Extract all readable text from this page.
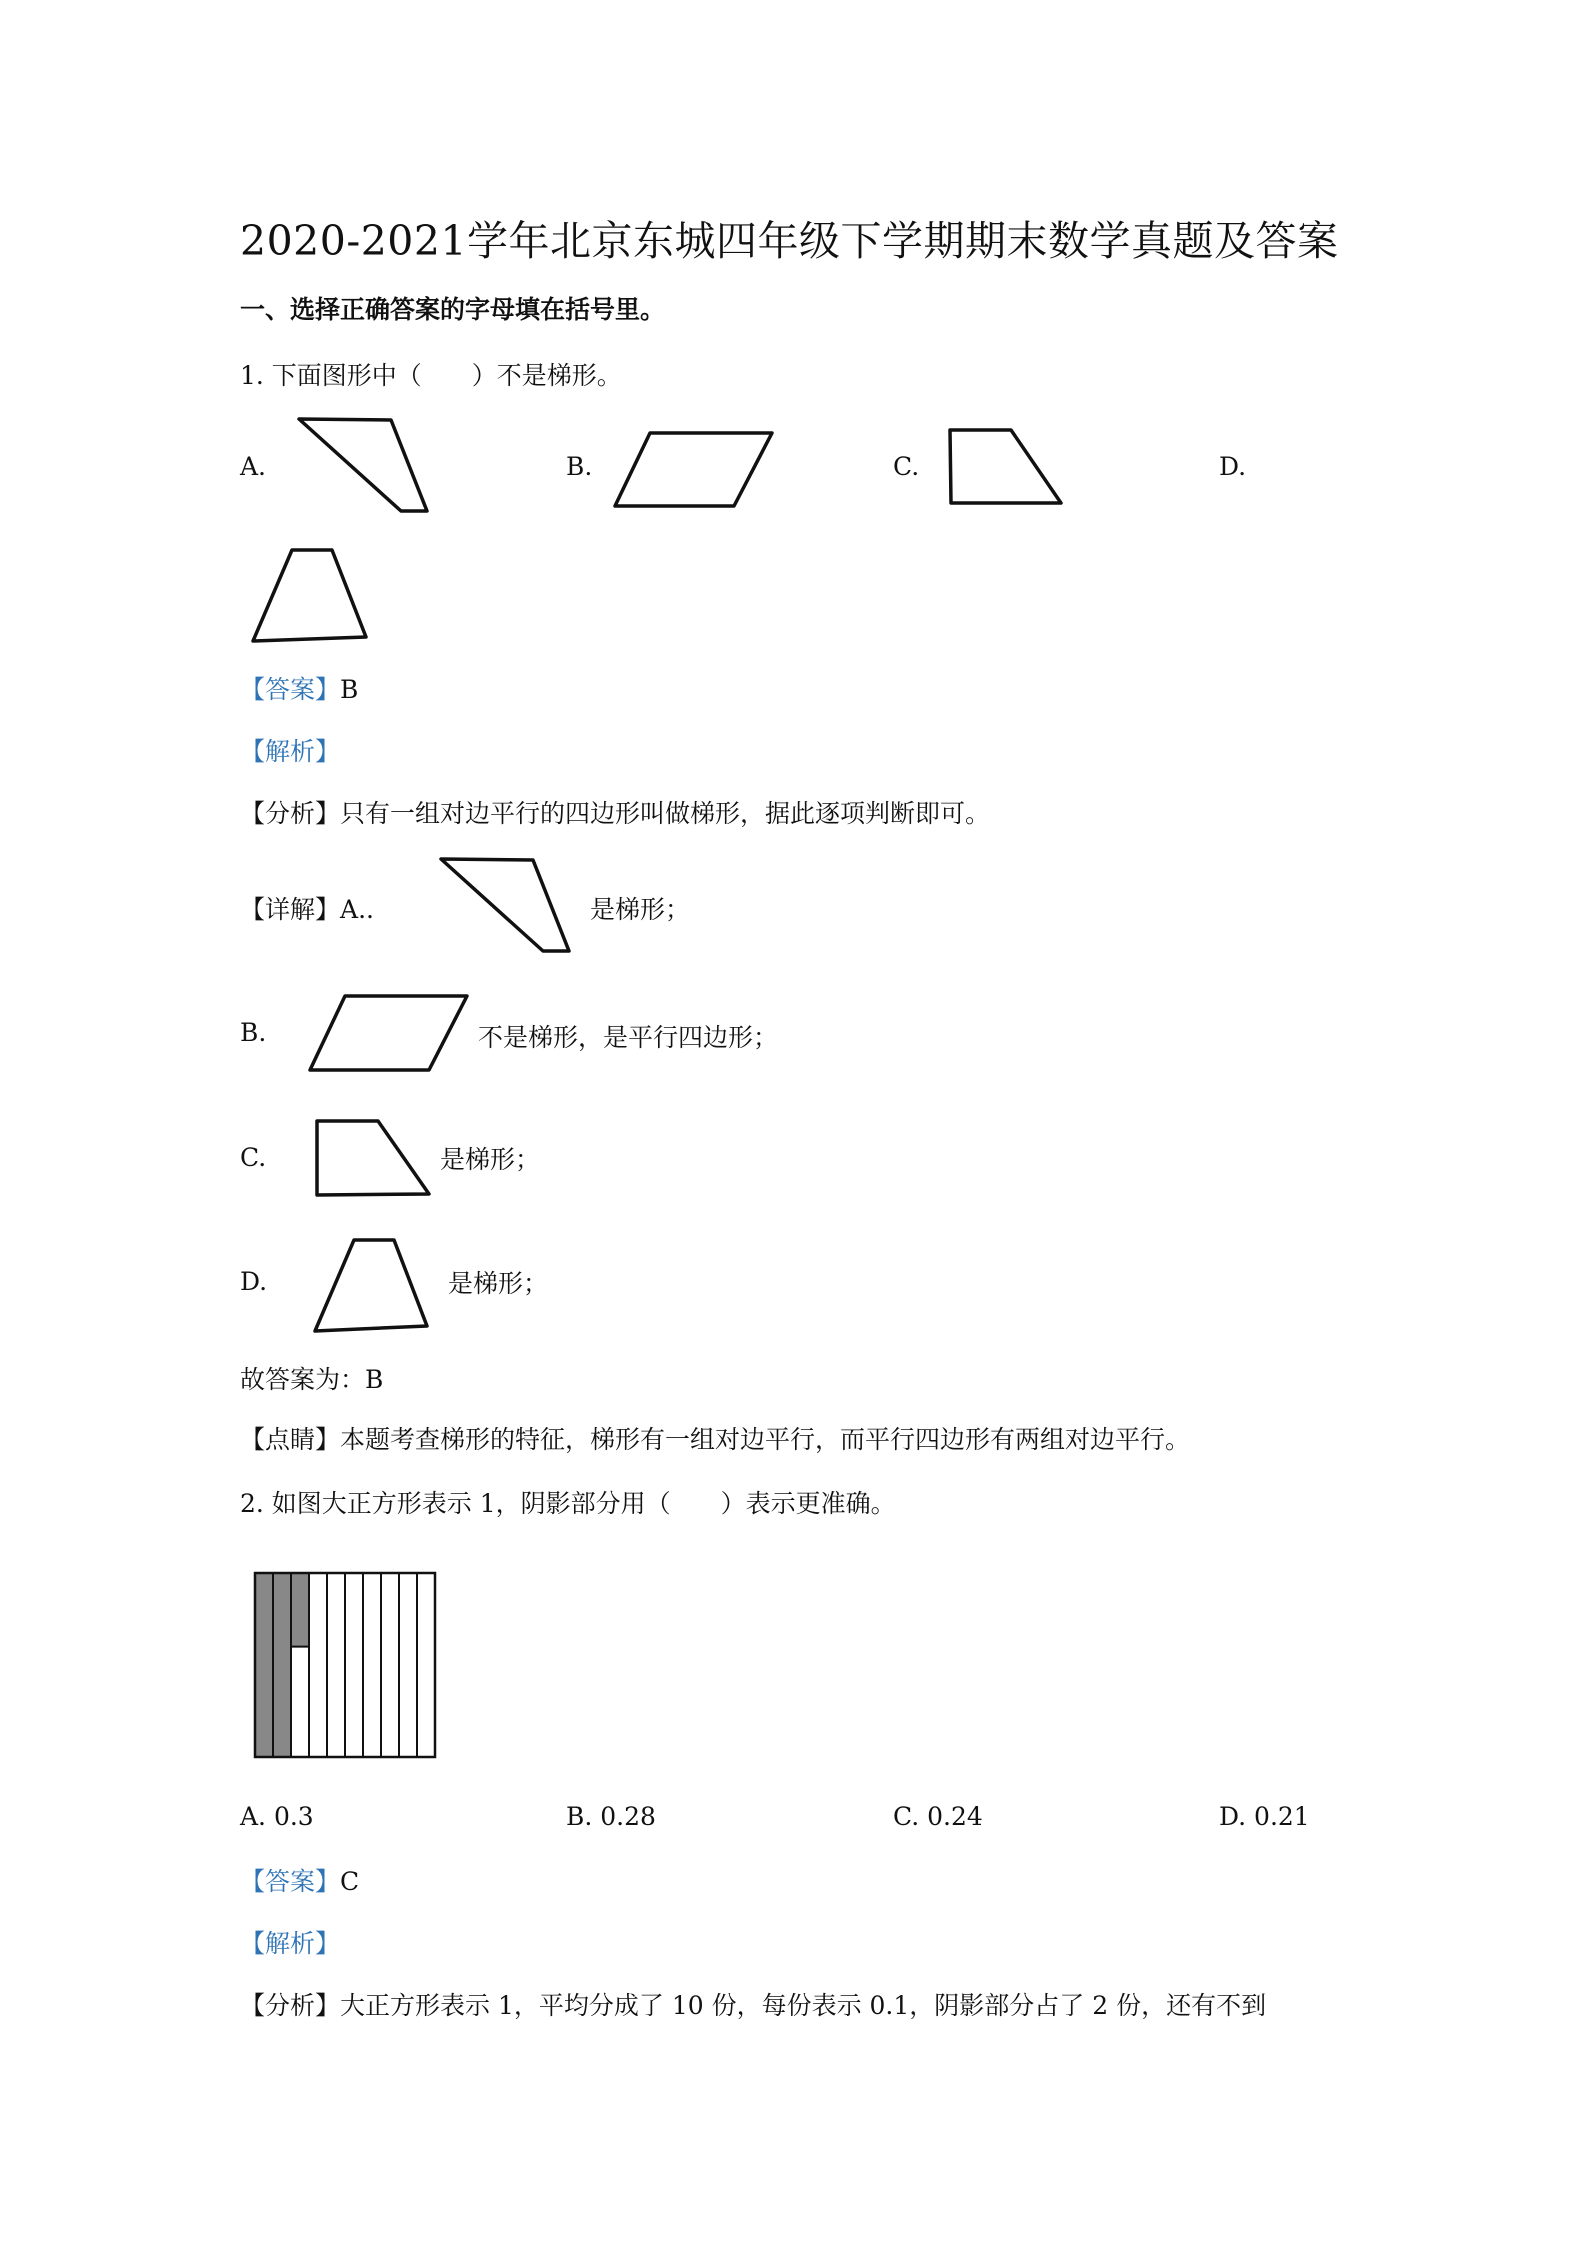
2020-2021学年北京东城四年级下学期期末数学真题及答案
一、选择正确答案的字母填在括号里。
1. 下面图形中（　　）不是梯形。
A.	B.	C.	D.
【答案】B
【解析】
【分析】只有一组对边平行的四边形叫做梯形，据此逐项判断即可。
【详解】A..	是梯形；
B.	不是梯形，是平行四边形；
C.	是梯形；
D.	是梯形；
故答案为：B
【点睛】本题考查梯形的特征，梯形有一组对边平行，而平行四边形有两组对边平行。
2. 如图大正方形表示 1，阴影部分用（　　）表示更准确。
A. 0.3	B. 0.28	C. 0.24	D. 0.21
【答案】C
【解析】
【分析】大正方形表示 1，平均分成了 10 份，每份表示 0.1，阴影部分占了 2 份，还有不到
